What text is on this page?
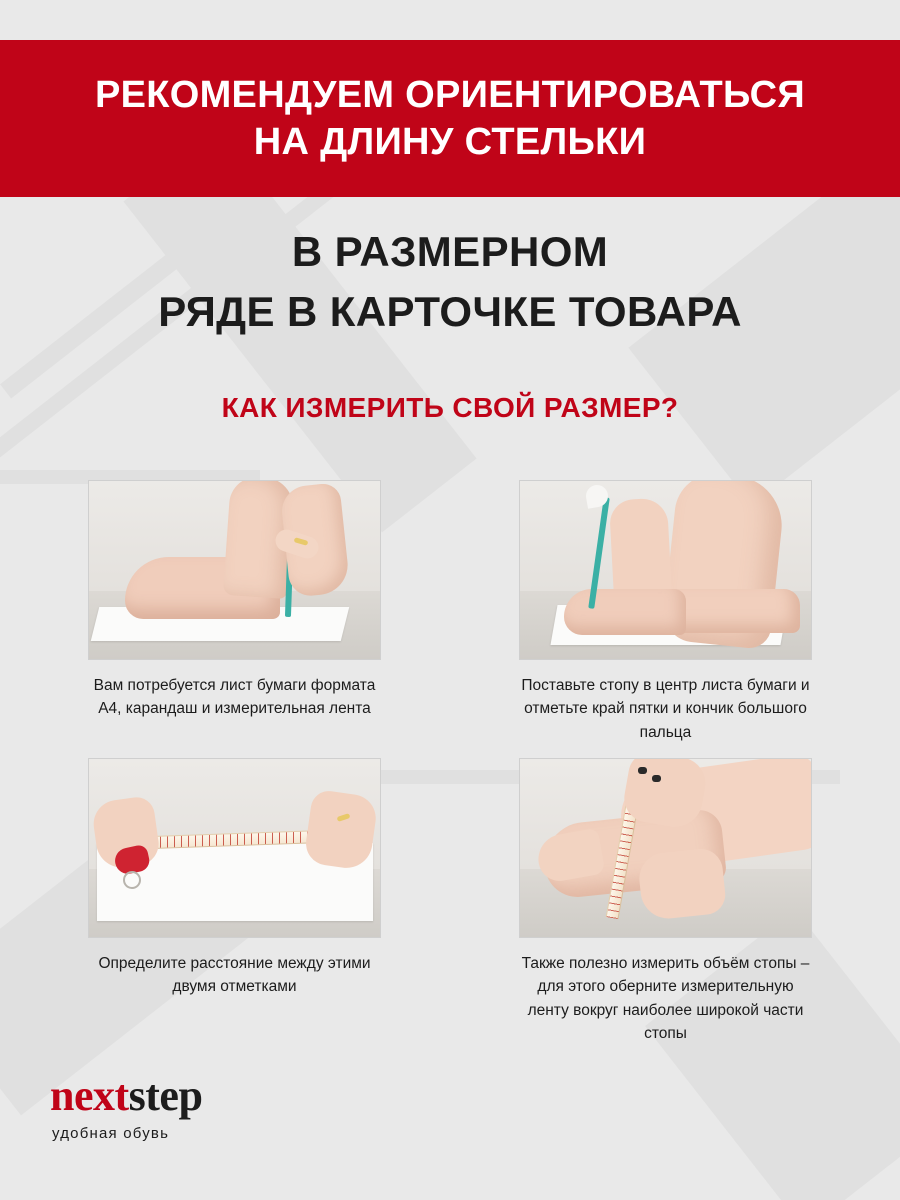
РЕКОМЕНДУЕМ ОРИЕНТИРОВАТЬСЯ
НА ДЛИНУ СТЕЛЬКИ
В РАЗМЕРНОМ
РЯДЕ В КАРТОЧКЕ ТОВАРА
КАК ИЗМЕРИТЬ СВОЙ РАЗМЕР?
Вам потребуется лист бумаги формата А4, карандаш и измерительная лента
Поставьте стопу в центр листа бумаги и отметьте край пятки и кончик большого пальца
Определите расстояние между этими двумя отметками
Также полезно измерить объём стопы – для этого оберните измерительную ленту вокруг наиболее широкой части стопы
next step
удобная обувь
